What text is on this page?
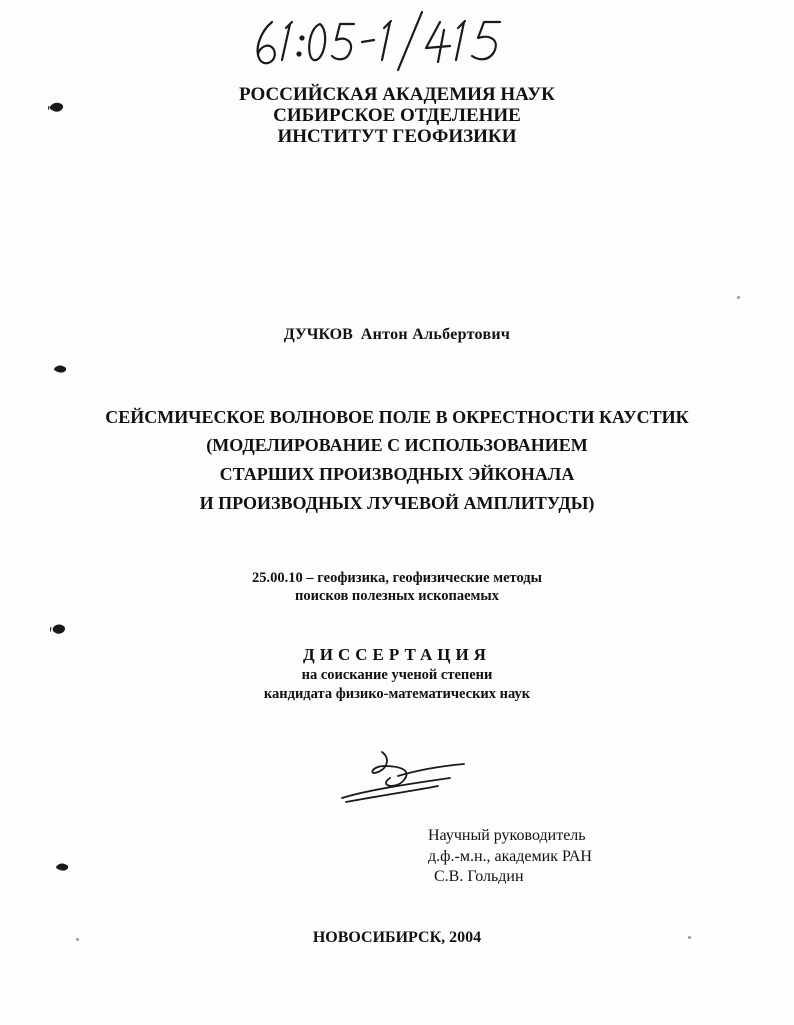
РОССИЙСКАЯ АКАДЕМИЯ НАУК
СИБИРСКОЕ ОТДЕЛЕНИЕ
ИНСТИТУТ ГЕОФИЗИКИ
ДУЧКОВ Антон Альбертович
СЕЙСМИЧЕСКОЕ ВОЛНОВОЕ ПОЛЕ В ОКРЕСТНОСТИ КАУСТИК
(МОДЕЛИРОВАНИЕ С ИСПОЛЬЗОВАНИЕМ
СТАРШИХ ПРОИЗВОДНЫХ ЭЙКОНАЛА
И ПРОИЗВОДНЫХ ЛУЧЕВОЙ АМПЛИТУДЫ)
25.00.10 – геофизика, геофизические методы
поисков полезных ископаемых
ДИССЕРТАЦИЯ
на соискание ученой степени
кандидата физико-математических наук
Научный руководитель
д.ф.-м.н., академик РАН
С.В. Гольдин
НОВОСИБИРСК, 2004
